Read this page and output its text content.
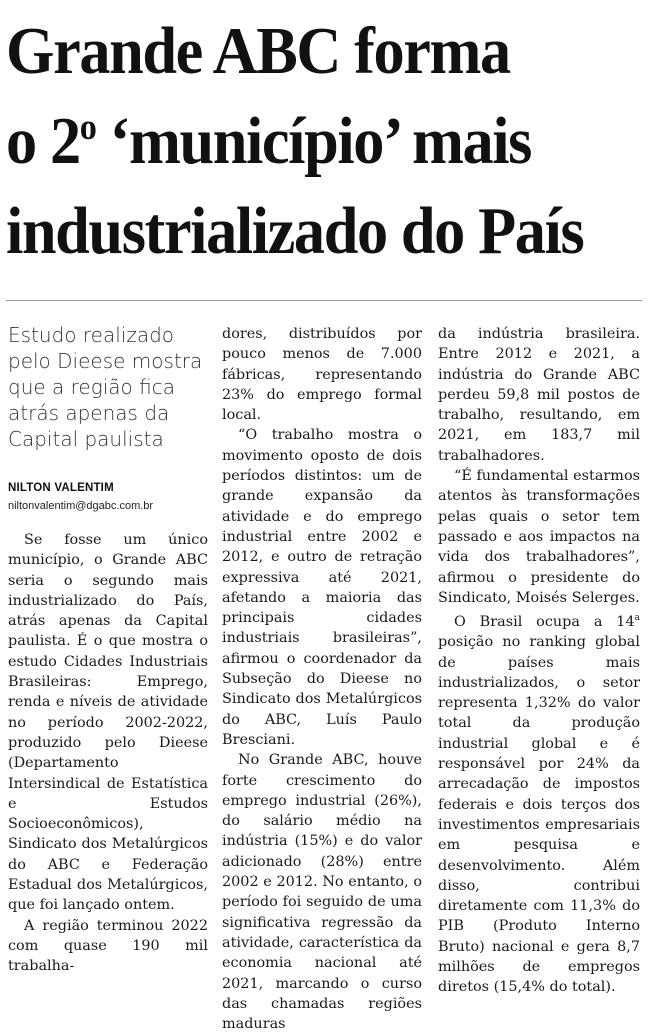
Grande ABC forma
o 2$^o$ ‘município’ mais
industrializado do País
Estudo realizado pelo Dieese mostra que a região fica atrás apenas da Capital paulista
NILTON VALENTIM
niltonvalentim@dgabc.com.br

Se fosse um único município, o Grande ABC seria o segundo mais industrializado do País, atrás apenas da Capital paulista. É o que mostra o estudo Cidades Industriais Brasileiras: Emprego, renda e níveis de atividade no período 2002-2022, produzido pelo Dieese (Departamento Intersindical de Estatística e Estudos Socioeconômicos), Sindicato dos Metalúrgicos do ABC e Federação Estadual dos Metalúrgicos, que foi lançado ontem.

A região terminou 2022 com quase 190 mil trabalha-

dores, distribuídos por pouco menos de 7.000 fábricas, representando 23% do emprego formal local.

“O trabalho mostra o movimento oposto de dois períodos distintos: um de grande expansão da atividade e do emprego industrial entre 2002 e 2012, e outro de retração expressiva até 2021, afetando a maioria das principais cidades industriais brasileiras”, afirmou o coordenador da Subseção do Dieese no Sindicato dos Metalúrgicos do ABC, Luís Paulo Bresciani.

No Grande ABC, houve forte crescimento do emprego industrial (26%), do salário médio na indústria (15%) e do valor adicionado (28%) entre 2002 e 2012. No entanto, o período foi seguido de uma significativa regressão da atividade, característica da economia nacional até 2021, marcando o curso das chamadas regiões maduras

da indústria brasileira. Entre 2012 e 2021, a indústria do Grande ABC perdeu 59,8 mil postos de trabalho, resultando, em 2021, em 183,7 mil trabalhadores.

“É fundamental estarmos atentos às transformações pelas quais o setor tem passado e aos impactos na vida dos trabalhadores”, afirmou o presidente do Sindicato, Moisés Selerges.

O Brasil ocupa a 14$^a$ posição no ranking global de países mais industrializados, o setor representa 1,32% do valor total da produção industrial global e é responsável por 24% da arrecadação de impostos federais e dois terços dos investimentos empresariais em pesquisa e desenvolvimento. Além disso, contribui diretamente com 11,3% do PIB (Produto Interno Bruto) nacional e gera 8,7 milhões de empregos diretos (15,4% do total).
